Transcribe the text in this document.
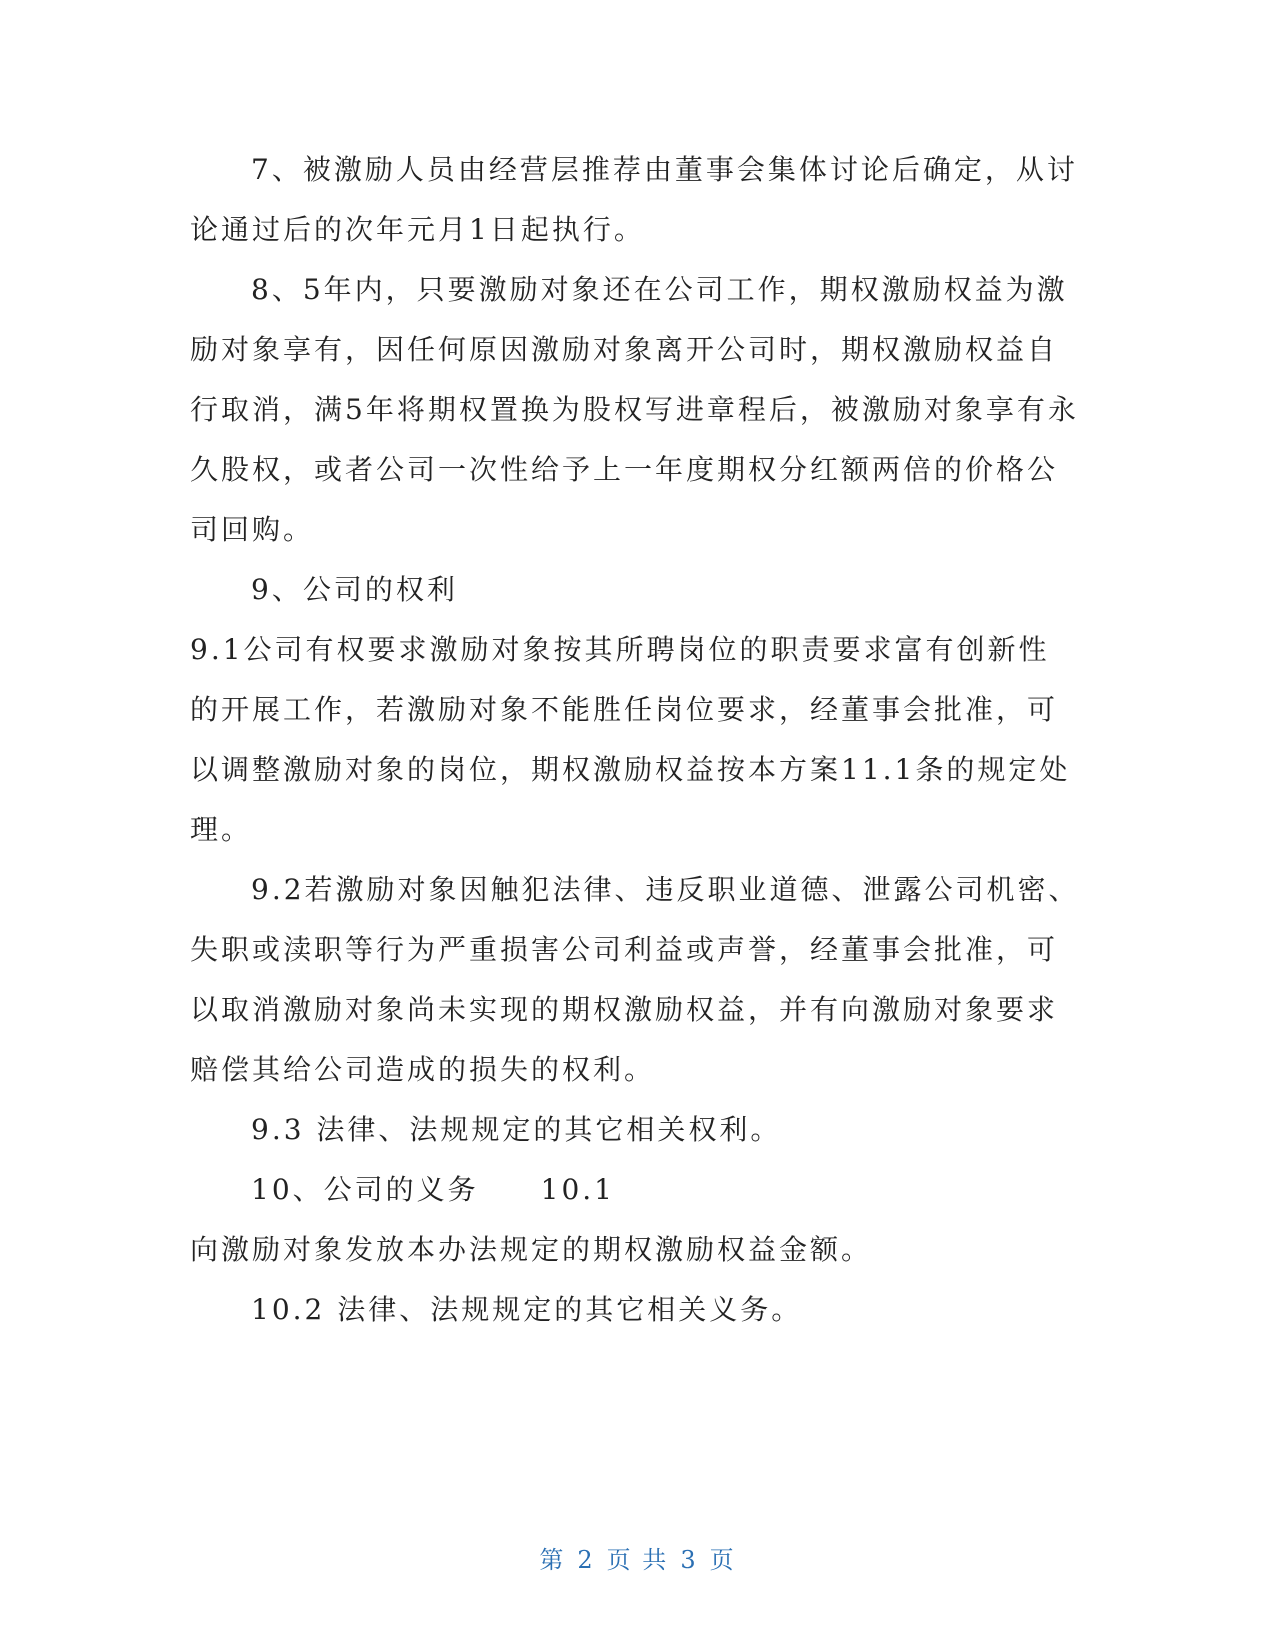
7、被激励人员由经营层推荐由董事会集体讨论后确定，从讨论通过后的次年元月1日起执行。

8、5年内，只要激励对象还在公司工作，期权激励权益为激励对象享有，因任何原因激励对象离开公司时，期权激励权益自行取消，满5年将期权置换为股权写进章程后，被激励对象享有永久股权，或者公司一次性给予上一年度期权分红额两倍的价格公司回购。

9、公司的权利

9.1公司有权要求激励对象按其所聘岗位的职责要求富有创新性的开展工作，若激励对象不能胜任岗位要求，经董事会批准，可以调整激励对象的岗位，期权激励权益按本方案11.1条的规定处理。

9.2若激励对象因触犯法律、违反职业道德、泄露公司机密、失职或渎职等行为严重损害公司利益或声誉，经董事会批准，可以取消激励对象尚未实现的期权激励权益，并有向激励对象要求赔偿其给公司造成的损失的权利。

9.3 法律、法规规定的其它相关权利。

10、公司的义务　　10.1

向激励对象发放本办法规定的期权激励权益金额。

10.2 法律、法规规定的其它相关义务。

第 2 页 共 3 页
